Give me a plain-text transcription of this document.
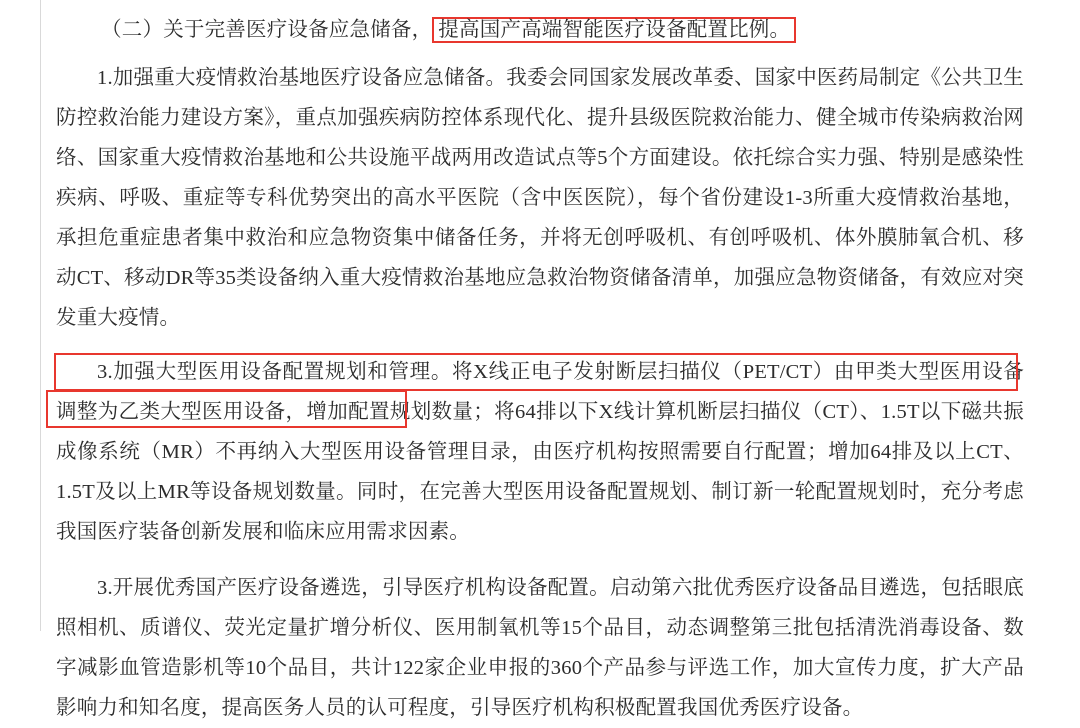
（二）关于完善医疗设备应急储备， 提高国产高端智能医疗设备配置比例。
1.加强重大疫情救治基地医疗设备应急储备。我委会同国家发展改革委、国家中医药局制定《公共卫生防控救治能力建设方案》，重点加强疾病防控体系现代化、提升县级医院救治能力、健全城市传染病救治网络、国家重大疫情救治基地和公共设施平战两用改造试点等5个方面建设。依托综合实力强、特别是感染性疾病、呼吸、重症等专科优势突出的高水平医院（含中医医院），每个省份建设1-3所重大疫情救治基地，承担危重症患者集中救治和应急物资集中储备任务，并将无创呼吸机、有创呼吸机、体外膜肺氧合机、移动CT、移动DR等35类设备纳入重大疫情救治基地应急救治物资储备清单，加强应急物资储备，有效应对突发重大疫情。
3.加强大型医用设备配置规划和管理。将X线正电子发射断层扫描仪（PET/CT）由甲类大型医用设备调整为乙类大型医用设备，增加配置规划数量；将64排以下X线计算机断层扫描仪（CT）、1.5T以下磁共振成像系统（MR）不再纳入大型医用设备管理目录，由医疗机构按照需要自行配置；增加64排及以上CT、1.5T及以上MR等设备规划数量。同时，在完善大型医用设备配置规划、制订新一轮配置规划时，充分考虑我国医疗装备创新发展和临床应用需求因素。
3.开展优秀国产医疗设备遴选，引导医疗机构设备配置。启动第六批优秀医疗设备品目遴选，包括眼底照相机、质谱仪、荧光定量扩增分析仪、医用制氧机等15个品目，动态调整第三批包括清洗消毒设备、数字减影血管造影机等10个品目，共计122家企业申报的360个产品参与评选工作，加大宣传力度，扩大产品影响力和知名度，提高医务人员的认可程度，引导医疗机构积极配置我国优秀医疗设备。
